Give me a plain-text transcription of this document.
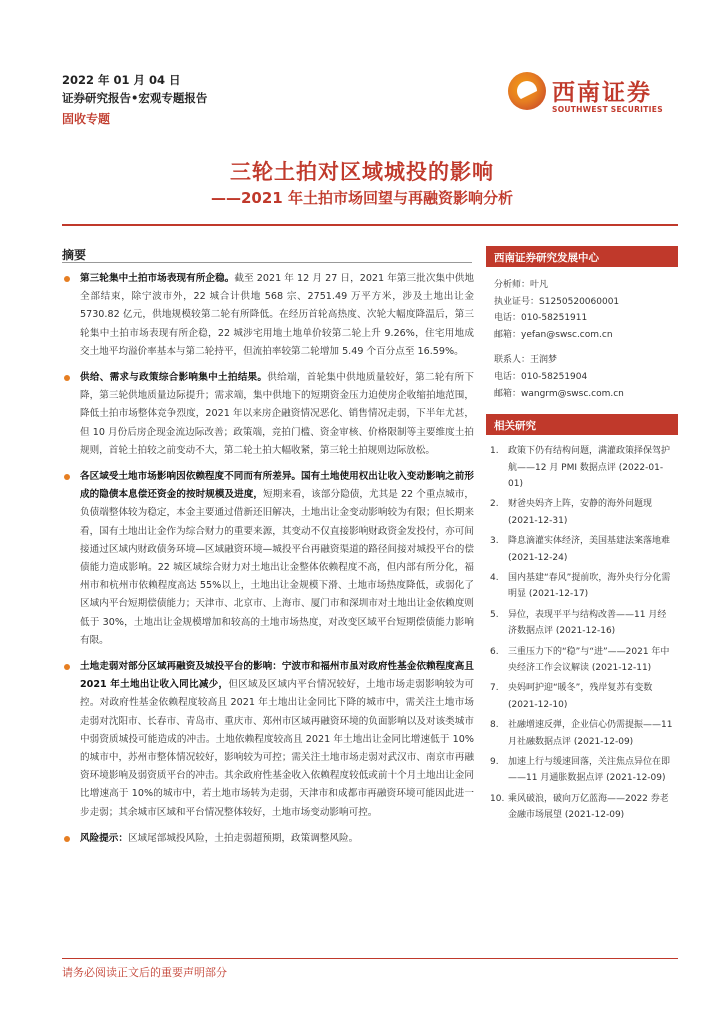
2022 年 01 月 04 日
证券研究报告•宏观专题报告
固收专题
西南证券
SOUTHWEST SECURITIES
三轮土拍对区域城投的影响
——2021 年土拍市场回望与再融资影响分析
摘要
第三轮集中土拍市场表现有所企稳。截至 2021 年 12 月 27 日，2021 年第三批次集中供地全部结束，除宁波市外，22 城合计供地 568 宗、2751.49 万平方米，涉及土地出让金 5730.82 亿元，供地规模较第二轮有所降低。在经历首轮高热度、次轮大幅度降温后，第三轮集中土拍市场表现有所企稳，22 城涉宅用地土地单价较第二轮上升 9.26%，住宅用地成交土地平均溢价率基本与第二轮持平，但流拍率较第二轮增加 5.49 个百分点至 16.59%。
供给、需求与政策综合影响集中土拍结果。供给端，首轮集中供地质量较好，第二轮有所下降，第三轮供地质量边际提升；需求端，集中供地下的短期资金压力迫使房企收缩拍地范围，降低土拍市场整体竞争烈度，2021 年以来房企融资情况恶化、销售情况走弱，下半年尤甚，但 10 月份后房企现金流边际改善；政策端，竞拍门槛、资金审核、价格限制等主要维度土拍规则，首轮土拍较之前变动不大，第二轮土拍大幅收紧，第三轮土拍规则边际放松。
各区域受土地市场影响因依赖程度不同而有所差异。国有土地使用权出让收入变动影响之前形成的隐债本息偿还资金的按时规模及进度，短期来看，该部分隐债，尤其是 22 个重点城市，负债端整体较为稳定，本金主要通过借新还旧解决，土地出让金变动影响较为有限；但长期来看，国有土地出让金作为综合财力的重要来源，其变动不仅直接影响财政资金发投付，亦可间接通过区域内财政债务环境—区域融资环境—城投平台再融资渠道的路径间接对城投平台的偿债能力造成影响。22 城区域综合财力对土地出让金整体依赖程度不高，但内部有所分化，福州市和杭州市依赖程度高达 55%以上，土地出让金规模下滑、土地市场热度降低，或弱化了区域内平台短期偿债能力；天津市、北京市、上海市、厦门市和深圳市对土地出让金依赖度则低于 30%，土地出让金规模增加和较高的土地市场热度，对改变区域平台短期偿债能力影响有限。
土地走弱对部分区域再融资及城投平台的影响：宁波市和福州市虽对政府性基金依赖程度高且 2021 年土地出让收入同比减少，但区域及区域内平台情况较好，土地市场走弱影响较为可控。对政府性基金依赖程度较高且 2021 年土地出让金同比下降的城市中，需关注土地市场走弱对沈阳市、长春市、青岛市、重庆市、郑州市区域再融资环境的负面影响以及对该类城市中弱资质城投可能造成的冲击。土地依赖程度较高且 2021 年土地出让金同比增速低于 10%的城市中，苏州市整体情况较好，影响较为可控；需关注土地市场走弱对武汉市、南京市再融资环境影响及弱资质平台的冲击。其余政府性基金收入依赖程度较低或前十个月土地出让金同比增速高于 10%的城市中，若土地市场转为走弱，天津市和成都市再融资环境可能因此进一步走弱；其余城市区域和平台情况整体较好，土地市场变动影响可控。
风险提示：区域尾部城投风险，土拍走弱超预期，政策调整风险。
西南证券研究发展中心
分析师：叶凡
执业证号：S1250520060001
电话：010-58251911
邮箱：yefan@swsc.com.cn
联系人：王润梦
电话：010-58251904
邮箱：wangrm@swsc.com.cn
相关研究
1. 政策下仍有结构问题，满灌政策择保驾护航——12 月 PMI 数据点评 (2022-01-01)
2. 财爸央妈齐上阵，安静的海外问题现 (2021-12-31)
3. 降息滴灌实体经济，美国基建法案落地难 (2021-12-24)
4. 国内基建“春风”提前吹，海外央行分化需明显 (2021-12-17)
5. 异位，表现平平与结构改善——11 月经济数据点评 (2021-12-16)
6. 三重压力下的“稳”与“进”——2021 年中央经济工作会议解读 (2021-12-11)
7. 央妈呵护迎“暖冬”，残岸复苏有变数 (2021-12-10)
8. 社融增速反弹，企业信心仍需提振——11 月社融数据点评 (2021-12-09)
9. 加速上行与缓速回落，关注焦点异位在即——11 月通胀数据点评 (2021-12-09)
10. 乘风破浪，破向万亿蓝海——2022 券老金融市场展望 (2021-12-09)
请务必阅读正文后的重要声明部分
